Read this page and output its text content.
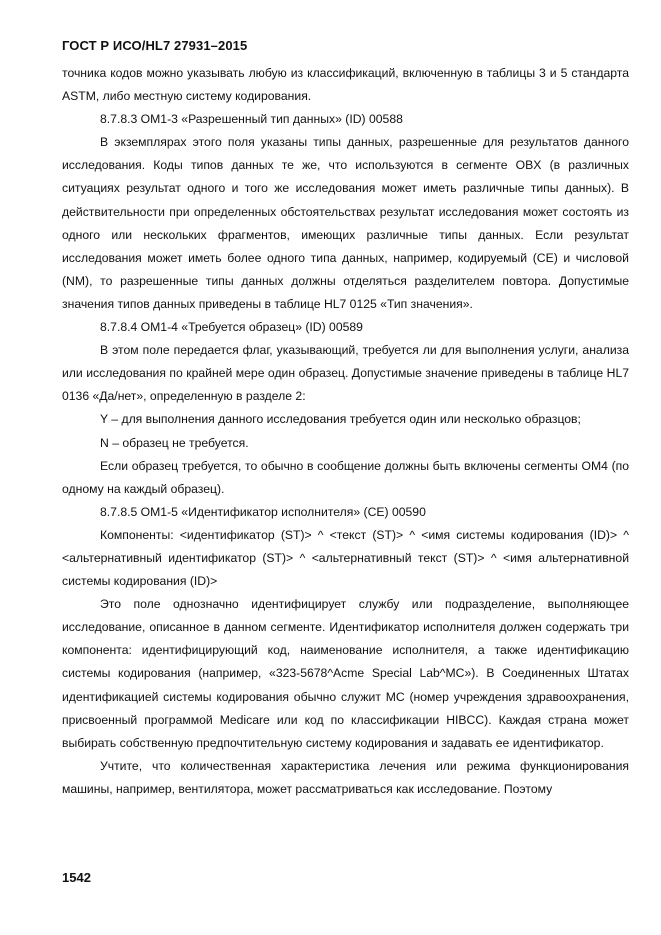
ГОСТ Р ИСО/HL7 27931–2015

точника кодов можно указывать любую из классификаций, включенную в таблицы 3 и 5 стандарта ASTM, либо местную систему кодирования.

8.7.8.3 OM1-3 «Разрешенный тип данных» (ID) 00588

В экземплярах этого поля указаны типы данных, разрешенные для результатов данного исследования. Коды типов данных те же, что используются в сегменте OBX (в различных ситуациях результат одного и того же исследования может иметь различные типы данных). В действительности при определенных обстоятельствах результат исследования может состоять из одного или нескольких фрагментов, имеющих различные типы данных. Если результат исследования может иметь более одного типа данных, например, кодируемый (CE) и числовой (NM), то разрешенные типы данных должны отделяться разделителем повтора. Допустимые значения типов данных приведены в таблице HL7 0125 «Тип значения».

8.7.8.4 OM1-4 «Требуется образец» (ID) 00589

В этом поле передается флаг, указывающий, требуется ли для выполнения услуги, анализа или исследования по крайней мере один образец. Допустимые значение приведены в таблице HL7 0136 «Да/нет», определенную в разделе 2:

Y – для выполнения данного исследования требуется один или несколько образцов;

N – образец не требуется.

Если образец требуется, то обычно в сообщение должны быть включены сегменты OM4 (по одному на каждый образец).

8.7.8.5 OM1-5 «Идентификатор исполнителя» (CE) 00590

Компоненты: <идентификатор (ST)> ^ <текст (ST)> ^ <имя системы кодирования (ID)> ^ <альтернативный идентификатор (ST)> ^ <альтернативный текст (ST)> ^ <имя альтернативной системы кодирования (ID)>

Это поле однозначно идентифицирует службу или подразделение, выполняющее исследование, описанное в данном сегменте. Идентификатор исполнителя должен содержать три компонента: идентифицирующий код, наименование исполнителя, а также идентификацию системы кодирования (например, «323-5678^Acme Special Lab^MC»). В Соединенных Штатах идентификацией системы кодирования обычно служит MC (номер учреждения здравоохранения, присвоенный программой Medicare или код по классификации HIBCC). Каждая страна может выбирать собственную предпочтительную систему кодирования и задавать ее идентификатор.

Учтите, что количественная характеристика лечения или режима функционирования машины, например, вентилятора, может рассматриваться как исследование. Поэтому

1542
